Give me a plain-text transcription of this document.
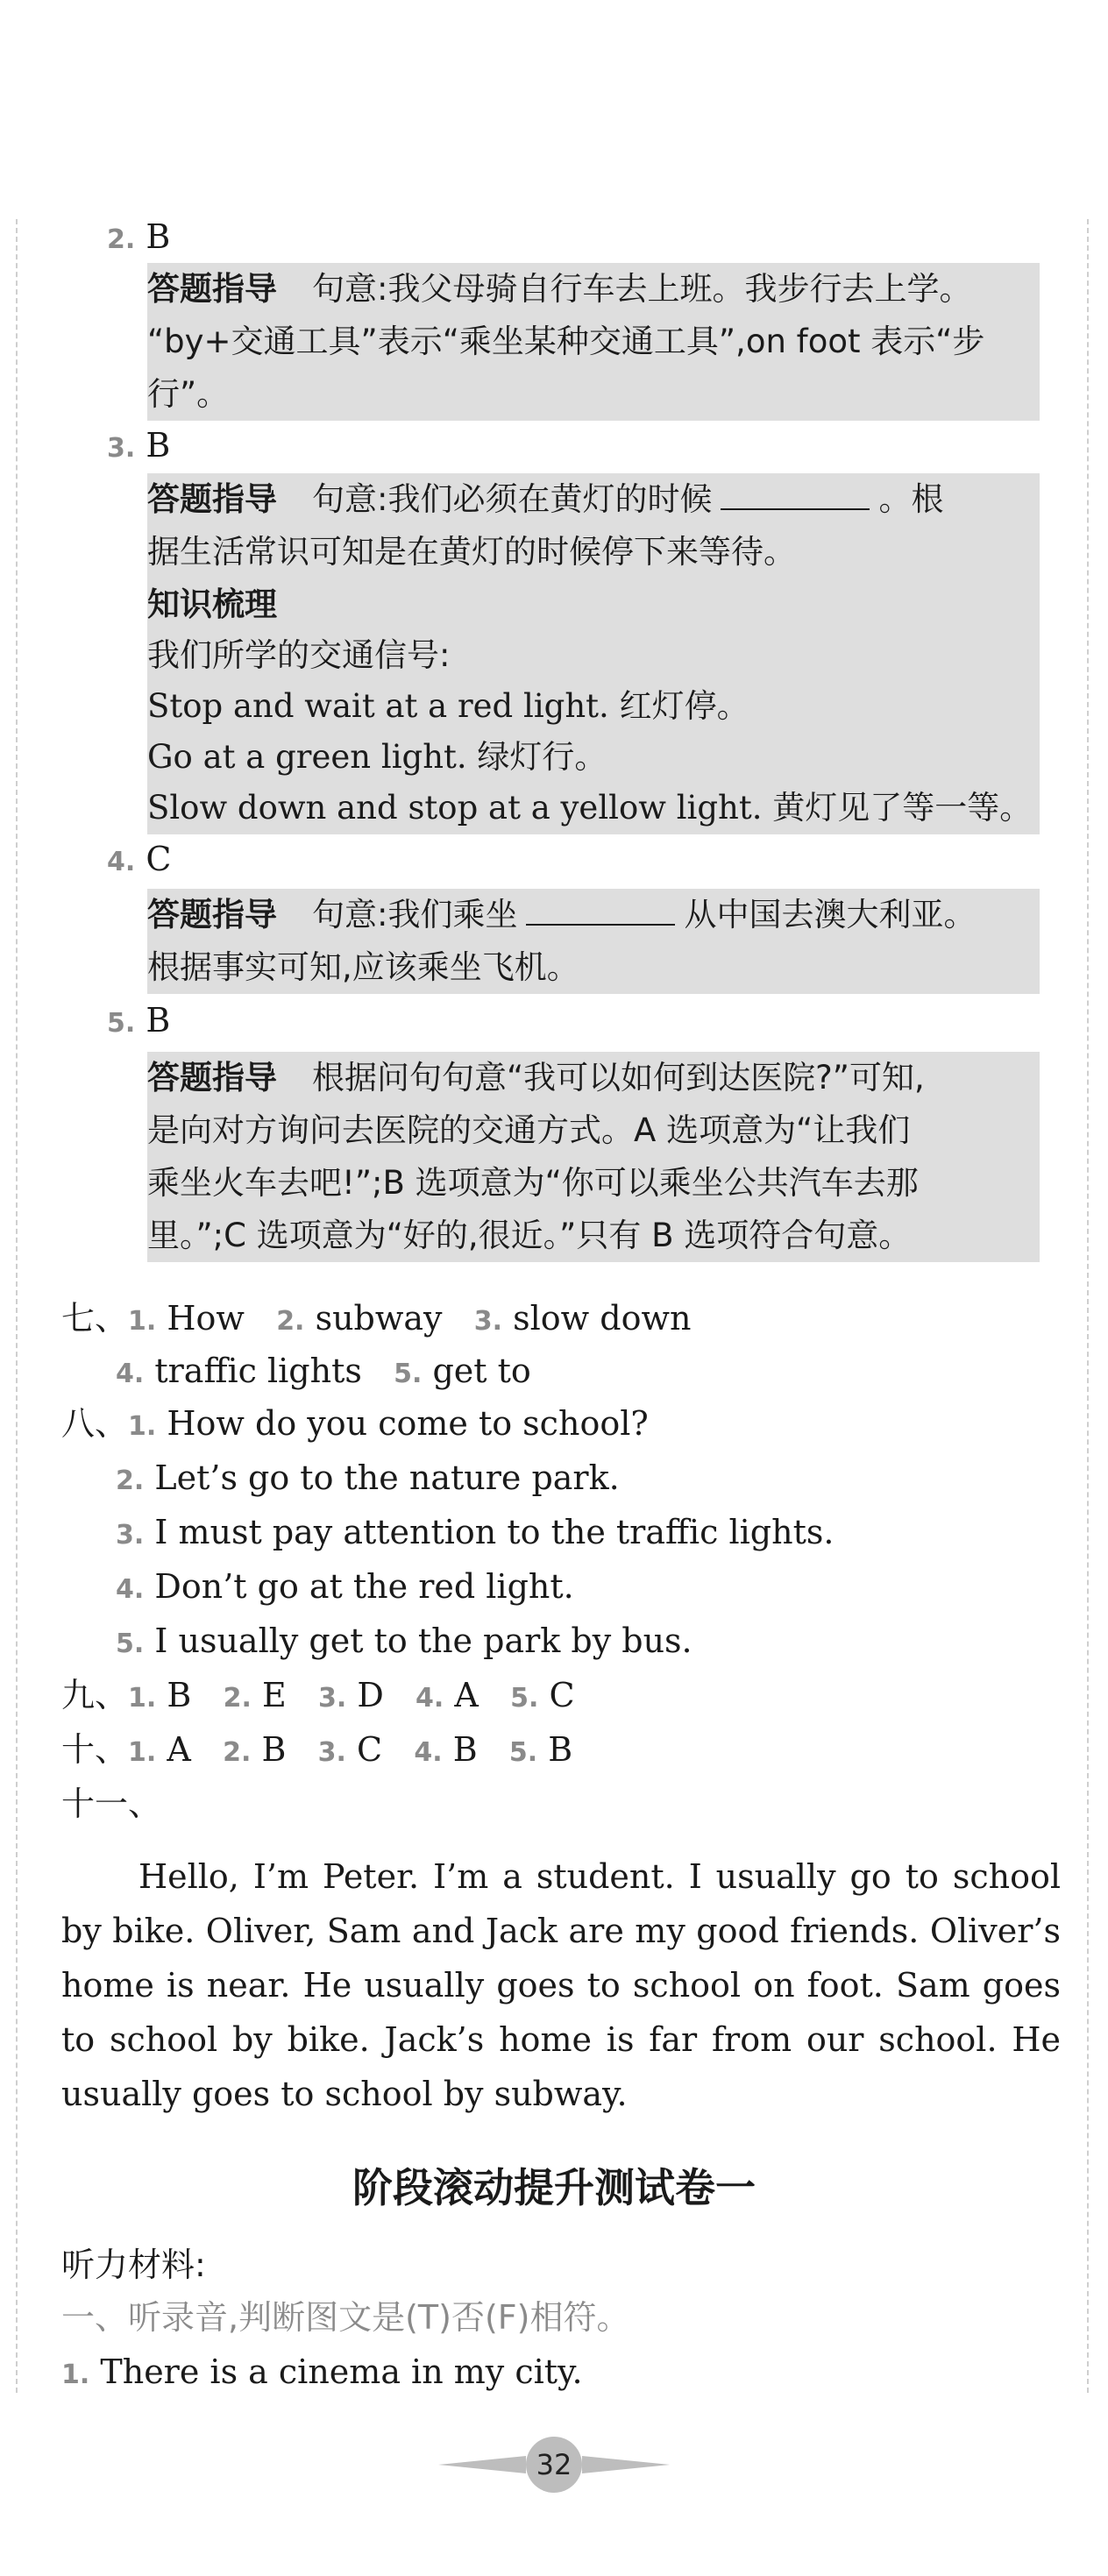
2. B
答题指导 句意:我父母骑自行车去上班。我步行去上学。
“by+交通工具”表示“乘坐某种交通工具”,on foot 表示“步
行”。
3. B
答题指导 句意:我们必须在黄灯的时候	。根
据生活常识可知是在黄灯的时候停下来等待。
知识梳理
我们所学的交通信号:
Stop and wait at a red light. 红灯停。
Go at a green light. 绿灯行。
Slow down and stop at a yellow light. 黄灯见了等一等。
4. C
答题指导 句意:我们乘坐	从中国去澳大利亚。
根据事实可知,应该乘坐飞机。
5. B
答题指导 根据问句句意“我可以如何到达医院?”可知,
是向对方询问去医院的交通方式。A 选项意为“让我们
乘坐火车去吧!”;B 选项意为“你可以乘坐公共汽车去那
里。”;C 选项意为“好的,很近。”只有 B 选项符合句意。
七、1. How 2. subway 3. slow down
4. traffic lights 5. get to
八、1. How do you come to school?
2. Let’s go to the nature park.
3. I must pay attention to the traffic lights.
4. Don’t go at the red light.
5. I usually get to the park by bus.
九、1. B 2. E 3. D 4. A 5. C
十、1. A 2. B 3. C 4. B 5. B
十一、
Hello, I’m Peter. I’m a student. I usually go to school by bike. Oliver, Sam and Jack are my good friends. Oliver’s home is near. He usually goes to school on foot. Sam goes to school by bike. Jack’s home is far from our school. He usually goes to school by subway.
阶段滚动提升测试卷一
听力材料:
一、听录音,判断图文是(T)否(F)相符。
1. There is a cinema in my city.
32
